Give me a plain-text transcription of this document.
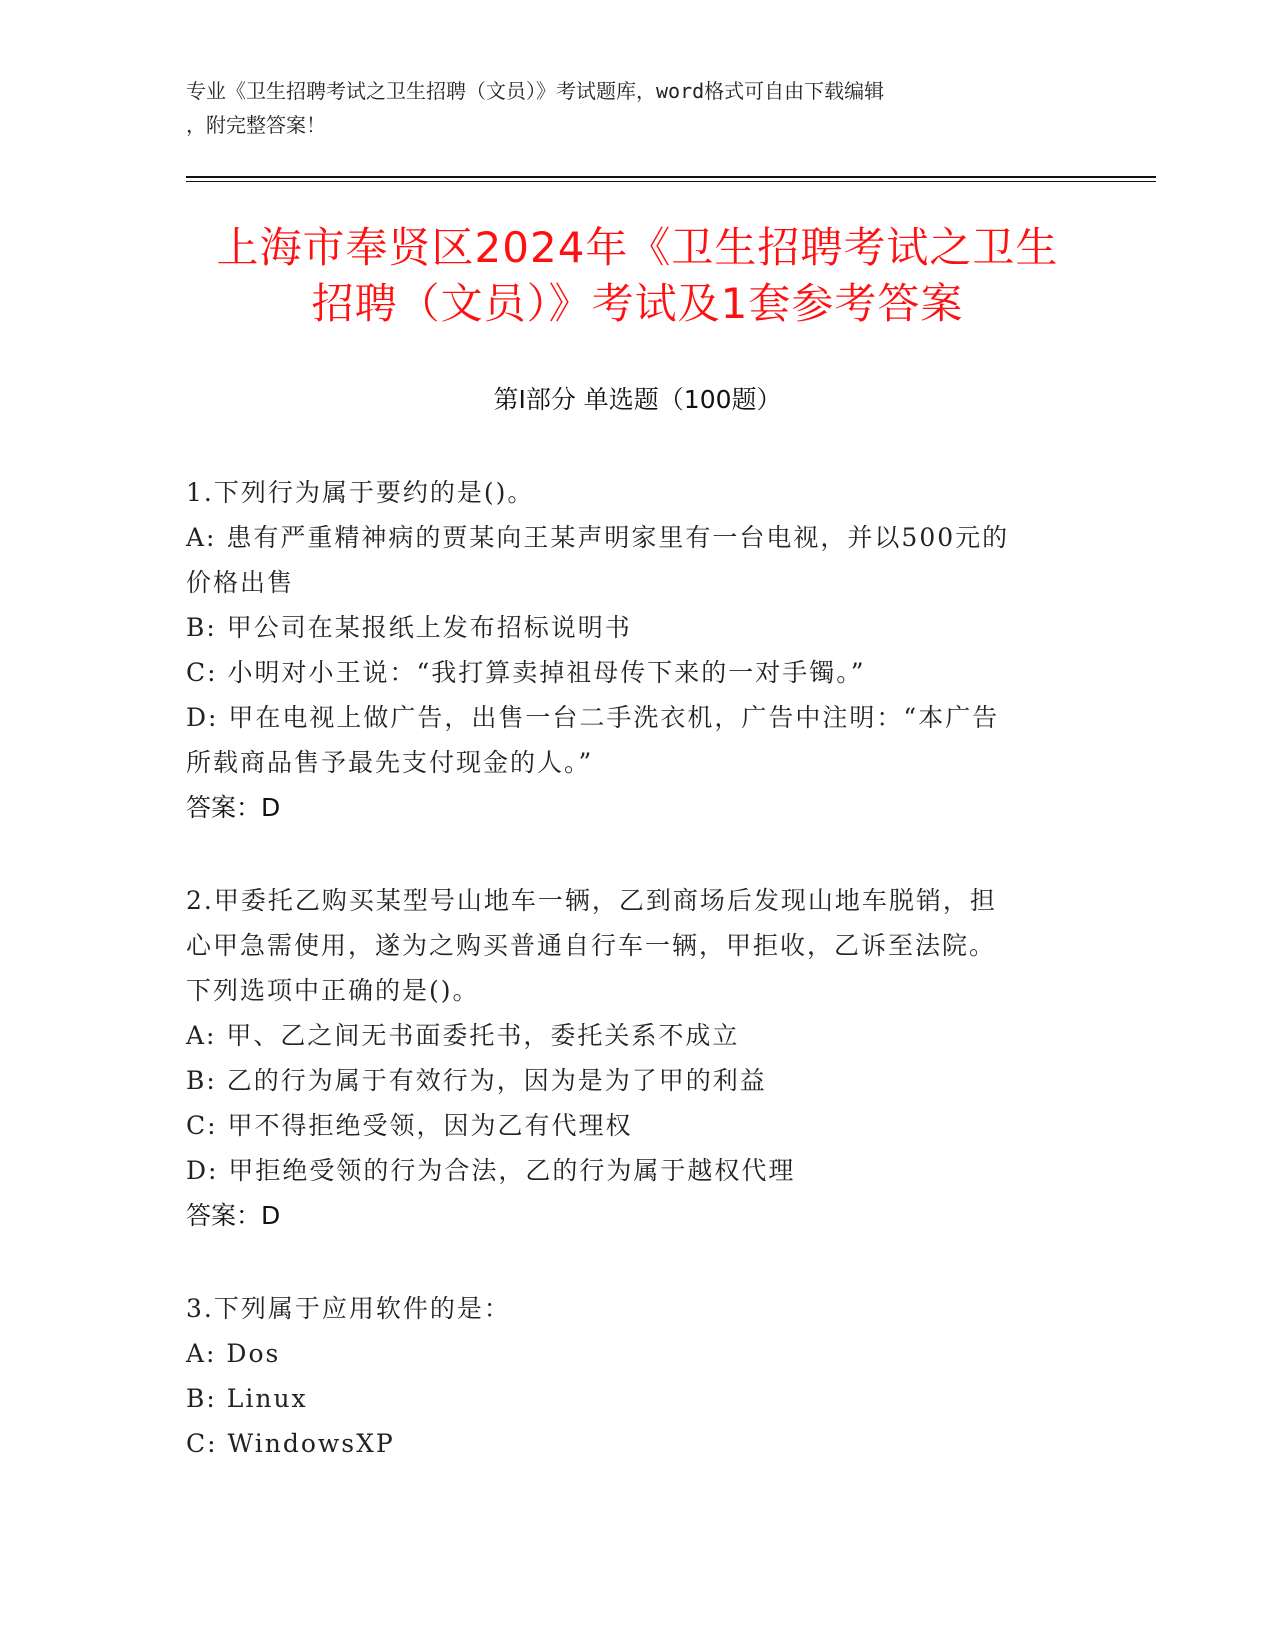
专业《卫生招聘考试之卫生招聘（文员）》考试题库，word格式可自由下载编辑
，附完整答案！
上海市奉贤区2024年《卫生招聘考试之卫生
招聘（文员）》考试及1套参考答案
第Ⅰ部分 单选题（100题）

1.下列行为属于要约的是()。

A: 患有严重精神病的贾某向王某声明家里有一台电视，并以500元的

价格出售

B: 甲公司在某报纸上发布招标说明书

C: 小明对小王说：“我打算卖掉祖母传下来的一对手镯。”

D: 甲在电视上做广告，出售一台二手洗衣机，广告中注明：“本广告

所载商品售予最先支付现金的人。”

答案：D

2.甲委托乙购买某型号山地车一辆，乙到商场后发现山地车脱销，担

心甲急需使用，遂为之购买普通自行车一辆，甲拒收，乙诉至法院。

下列选项中正确的是()。

A: 甲、乙之间无书面委托书，委托关系不成立

B: 乙的行为属于有效行为，因为是为了甲的利益

C: 甲不得拒绝受领，因为乙有代理权

D: 甲拒绝受领的行为合法，乙的行为属于越权代理

答案：D

3.下列属于应用软件的是：

A: Dos

B: Linux

C: WindowsXP
